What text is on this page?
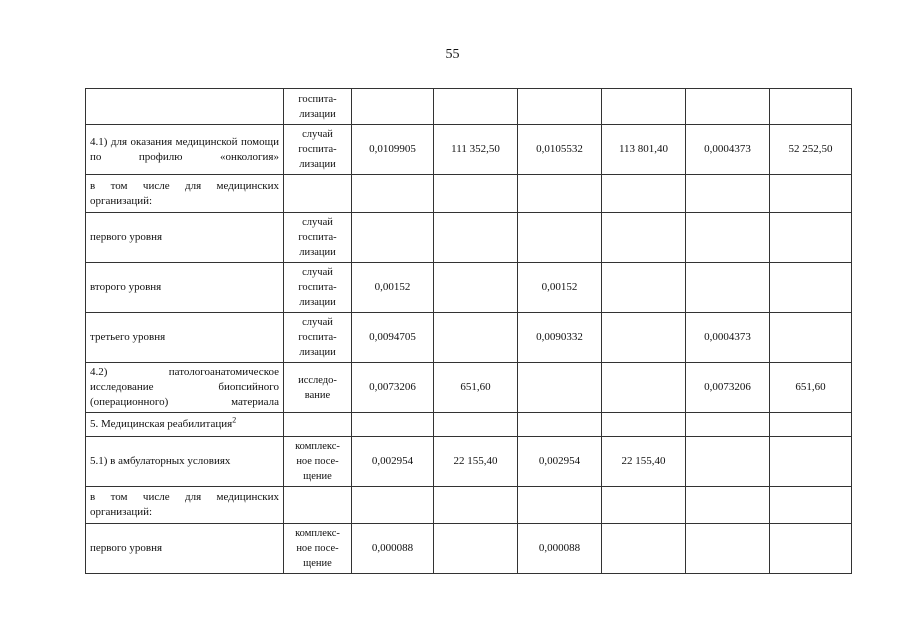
55
	госпита-
лизации						
4.1) для оказания медицинской помощи по профилю «онкология»	случай
госпита-
лизации	0,0109905	111 352,50	0,0105532	113 801,40	0,0004373	52 252,50
в том числе для медицинских организаций:							
первого уровня	случай
госпита-
лизации						
второго уровня	случай
госпита-
лизации	0,00152		0,00152			
третьего уровня	случай
госпита-
лизации	0,0094705		0,0090332		0,0004373	
4.2) патологоанатомическое исследование биопсийного (операционного) материала	исследо-
вание	0,0073206	651,60			0,0073206	651,60
5. Медицинская реабилитация$^2$							
5.1) в амбулаторных условиях	комплекс-
ное посе-
щение	0,002954	22 155,40	0,002954	22 155,40		
в том числе для медицинских организаций:							
первого уровня	комплекс-
ное посе-
щение	0,000088		0,000088			
